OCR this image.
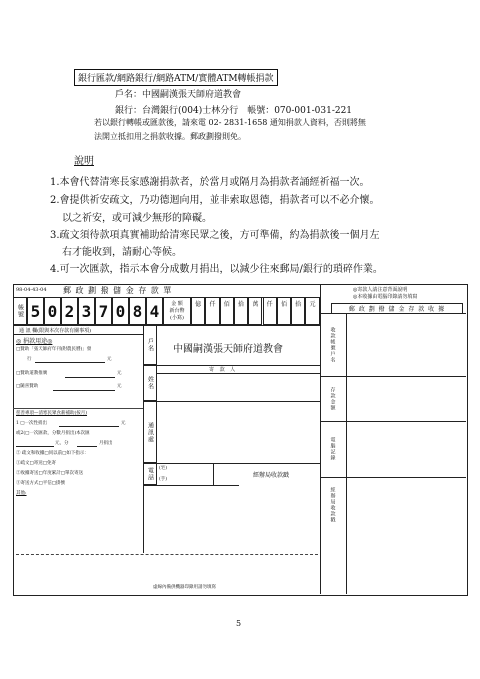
銀行匯款/網路銀行/網路ATM/實體ATM轉帳捐款
戶名：中國嗣漢張天師府道教會
銀行：台灣銀行(004)士林分行　帳號：070-001-031-221
若以銀行轉帳或匯款後，請來電 02- 2831-1658 通知捐款人資料，否則將無
法開立抵扣用之捐款收據。郵政劃撥則免。
說明
1.本會代替清寒長家感謝捐款者，於當月或隔月為捐款者誦經祈福一次。
2.會提供祈安疏文，乃功德迴向用，並非索取恩德，捐款者可以不必介懷。
以之祈安，或可減少無形的障礙。
3.疏文須待款項真實補助給清寒民眾之後，方可準備，約為捐款後一個月左
右才能收到，請耐心等候。
4.可一次匯款，指示本會分成數月捐出，以減少往來郵局/銀行的瑣碎作業。
98-04-43-04 郵 政 劃 撥 儲 金 存 款 單
帳號 5 0 2 3 7 0 8 4	金 額
新台幣
(小寫)
億	仟	佰	拾	萬	仟	佰	拾	元
通 訊 欄(限與本次存款有關事項)
◎ 捐款用途◎
□贊助「張天師府年刊(附農民曆)」發
行	元
□贊助道教推廣	元
□隨喜贊助	元
慈善專項—清寒民眾食薪補助(按月)
1 □一次性捐出	元
或2(□一次匯款，分數月捐出)本次匯
元，分	月捐出
② 疏文和收據□同以前□如下指示：
①疏文□寄送□免寄
②收據寄送□年度累計□單次寄送
③寄送方式□平信□掛號
其他:
戶名	中國嗣漢張天師府道教會
寄 款 人
姓名
通訊處
電話	(宅)
(手)
經辦局收款戳
虛線內備供機器印錄用請勿填寫
◎寄款人請注意背面說明
◎本收據由電腦印錄請勿填寫
郵 政 劃 撥 儲 金 存 款 收 據
收款帳號戶名
存款金額
電腦記錄
經辦局收款戳
5
